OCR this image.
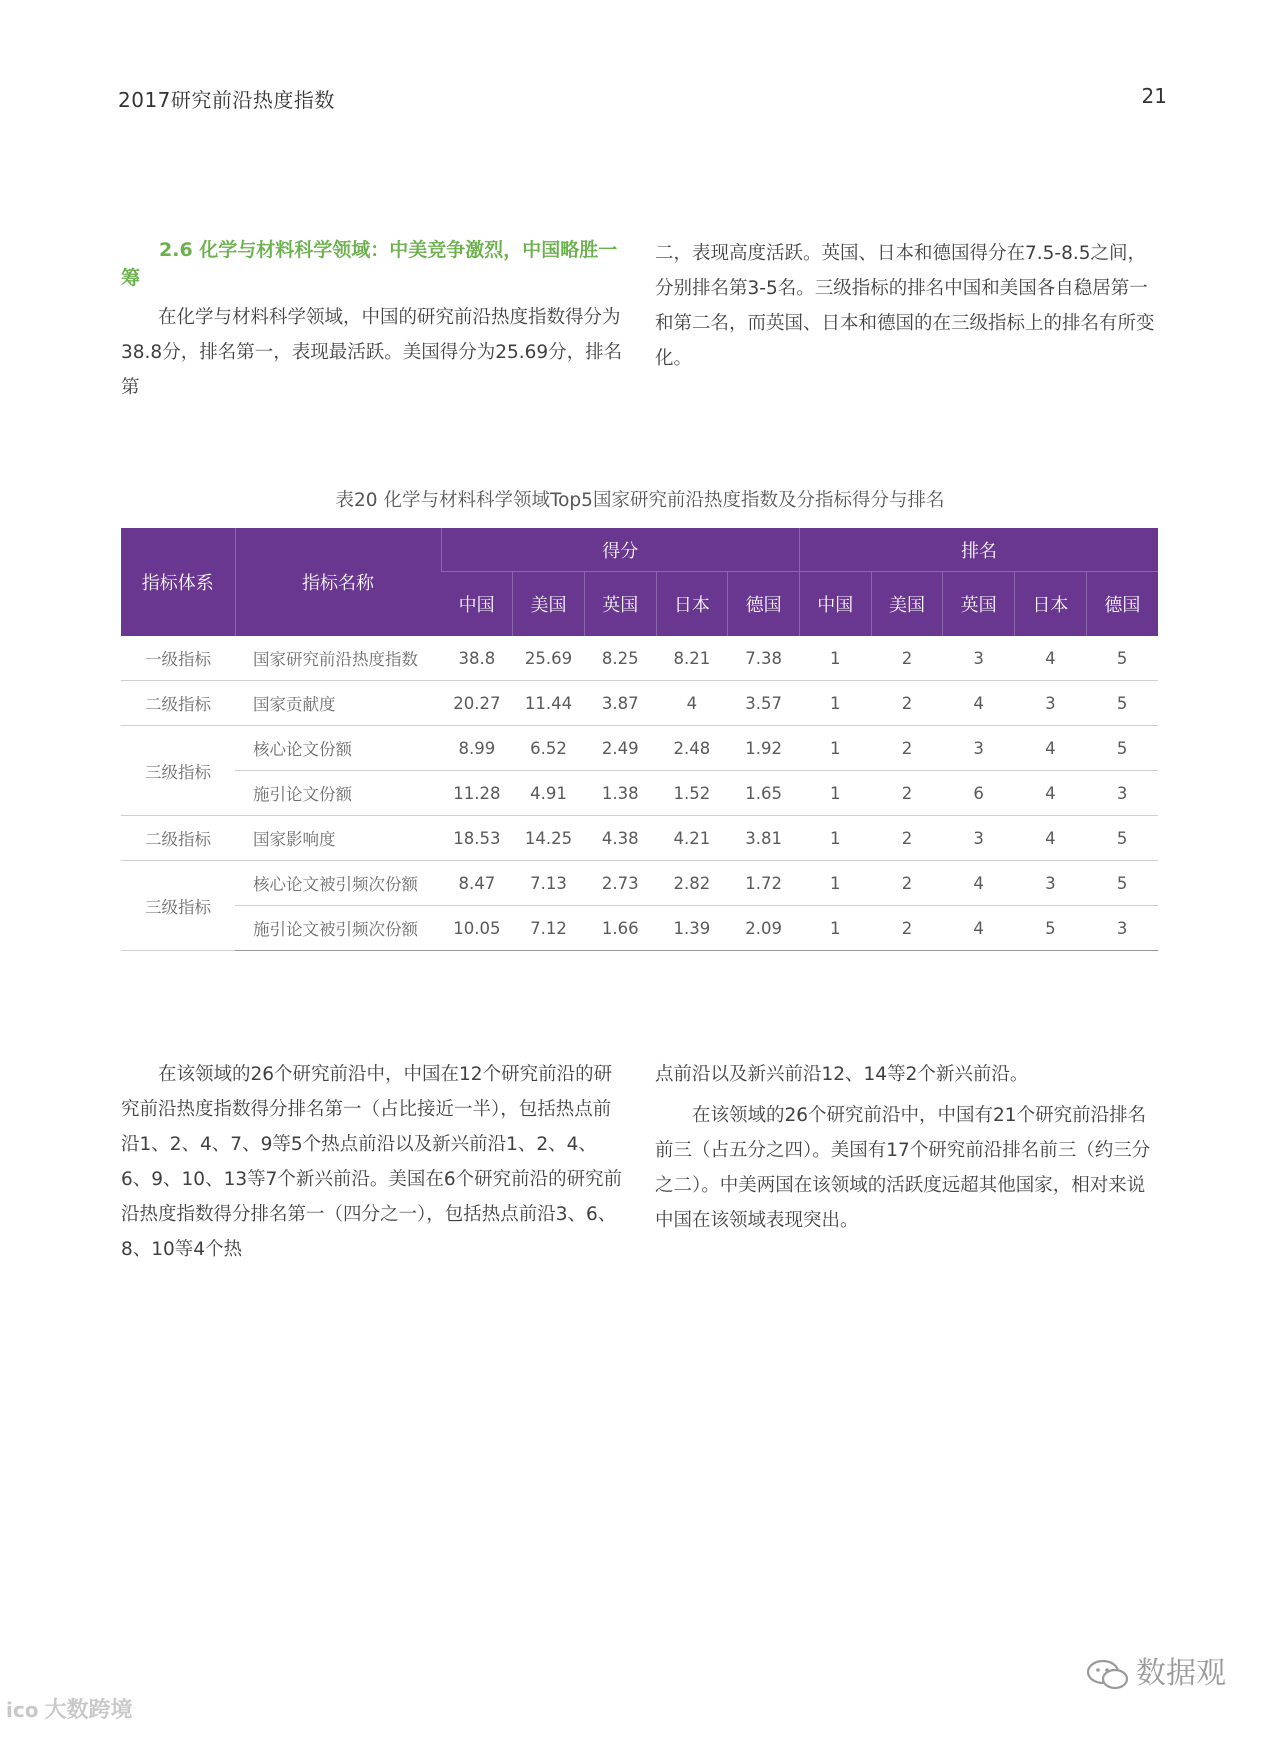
2017研究前沿热度指数	21

2.6 化学与材料科学领域：中美竞争激烈，中国略胜一筹

在化学与材料科学领域，中国的研究前沿热度指数得分为38.8分，排名第一，表现最活跃。美国得分为25.69分，排名第

二，表现高度活跃。英国、日本和德国得分在7.5-8.5之间，分别排名第3-5名。三级指标的排名中国和美国各自稳居第一和第二名，而英国、日本和德国的在三级指标上的排名有所变化。

表20 化学与材料科学领域Top5国家研究前沿热度指数及分指标得分与排名
指标体系	指标名称	得分					排名				
		中国	美国	英国	日本	德国	中国	美国	英国	日本	德国
一级指标	国家研究前沿热度指数	38.8	25.69	8.25	8.21	7.38	1	2	3	4	5
二级指标	国家贡献度	20.27	11.44	3.87	4	3.57	1	2	4	3	5
三级指标	核心论文份额	8.99	6.52	2.49	2.48	1.92	1	2	3	4	5
	施引论文份额	11.28	4.91	1.38	1.52	1.65	1	2	6	4	3
二级指标	国家影响度	18.53	14.25	4.38	4.21	3.81	1	2	3	4	5
三级指标	核心论文被引频次份额	8.47	7.13	2.73	2.82	1.72	1	2	4	3	5
	施引论文被引频次份额	10.05	7.12	1.66	1.39	2.09	1	2	4	5	3

在该领域的26个研究前沿中，中国在12个研究前沿的研究前沿热度指数得分排名第一（占比接近一半），包括热点前沿1、2、4、7、9等5个热点前沿以及新兴前沿1、2、4、6、9、10、13等7个新兴前沿。美国在6个研究前沿的研究前沿热度指数得分排名第一（四分之一），包括热点前沿3、6、8、10等4个热

点前沿以及新兴前沿12、14等2个新兴前沿。

在该领域的26个研究前沿中，中国有21个研究前沿排名前三（占五分之四）。美国有17个研究前沿排名前三（约三分之二）。中美两国在该领域的活跃度远超其他国家，相对来说中国在该领域表现突出。

ico 大数跨境
数据观
